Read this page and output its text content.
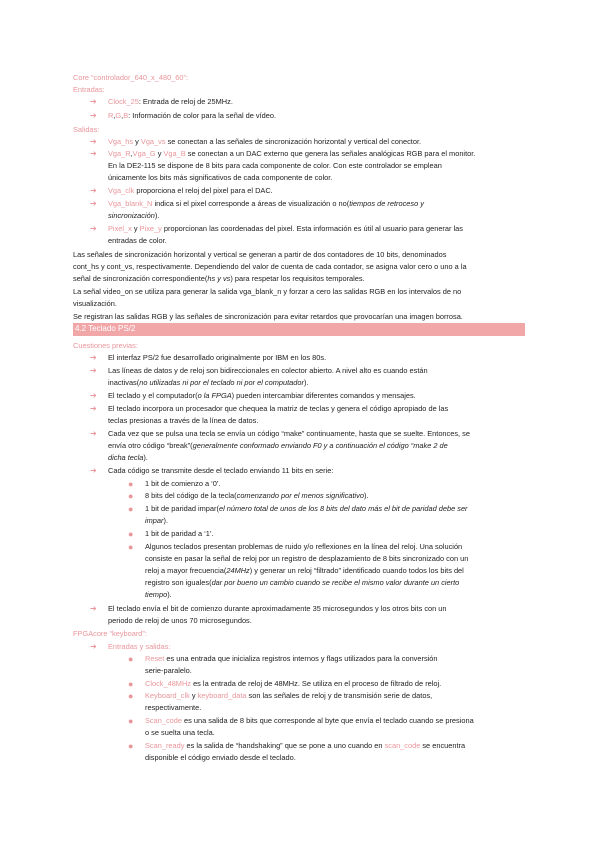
Core “controlador_640_x_480_60”:
Entradas:
➔ Clock_25: Entrada de reloj de 25MHz.
➔ R,G,B: Información de color para la señal de vídeo.
Salidas:
➔ Vga_hs y Vga_vs se conectan a las señales de sincronización horizontal y vertical del conector.
➔ Vga_R,Vga_G y Vga_B se conectan a un DAC externo que genera las señales analógicas RGB para el monitor.
En la DE2-115 se dispone de 8 bits para cada componente de color. Con este controlador se emplean
únicamente los bits más significativos de cada componente de color.
➔ Vga_clk proporciona el reloj del pixel para el DAC.
➔ Vga_blank_N indica si el pixel corresponde a áreas de visualización o no(tiempos de retroceso y
sincronización).
➔ Pixel_x y Pixe_y proporcionan las coordenadas del pixel. Esta información es útil al usuario para generar las
entradas de color.
Las señales de sincronización horizontal y vertical se generan a partir de dos contadores de 10 bits, denominados
cont_hs y cont_vs, respectivamente. Dependiendo del valor de cuenta de cada contador, se asigna valor cero o uno a la
señal de sincronización correspondiente(hs y vs) para respetar los requisitos temporales.
La señal video_on se utiliza para generar la salida vga_blank_n y forzar a cero las salidas RGB en los intervalos de no
visualización.
Se registran las salidas RGB y las señales de sincronización para evitar retardos que provocarían una imagen borrosa.
4.2 Teclado PS/2
Cuestiones previas:
➔ El interfaz PS/2 fue desarrollado originalmente por IBM en los 80s.
➔ Las líneas de datos y de reloj son bidireccionales en colector abierto. A nivel alto es cuando están
inactivas(no utilizadas ni por el teclado ni por el computador).
➔ El teclado y el computador(o la FPGA) pueden intercambiar diferentes comandos y mensajes.
➔ El teclado incorpora un procesador que chequea la matriz de teclas y genera el código apropiado de las
teclas presionas a través de la línea de datos.
➔ Cada vez que se pulsa una tecla se envía un código “make” continuamente, hasta que se suelte. Entonces, se
envía otro código “break”(generalmente conformado enviando F0 y a continuación el código “make 2 de
dicha tecla).
➔ Cada código se transmite desde el teclado enviando 11 bits en serie:
● 1 bit de comienzo a ‘0’.
● 8 bits del código de la tecla(comenzando por el menos significativo).
● 1 bit de paridad impar(el número total de unos de los 8 bits del dato más el bit de paridad debe ser
impar).
● 1 bit de paridad a ‘1’.
● Algunos teclados presentan problemas de ruido y/o reflexiones en la línea del reloj. Una solución
consiste en pasar la señal de reloj por un registro de desplazamiento de 8 bits sincronizado con un
reloj a mayor frecuencia(24MHz) y generar un reloj “filtrado” identificado cuando todos los bits del
registro son iguales(dar por bueno un cambio cuando se recibe el mismo valor durante un cierto
tiempo).
➔ El teclado envía el bit de comienzo durante aproximadamente 35 microsegundos y los otros bits con un
periodo de reloj de unos 70 microsegundos.
FPGAcore “keyboard”:
➔ Entradas y salidas:
● Reset es una entrada que inicializa registros internos y flags utilizados para la conversión
serie-paralelo.
● Clock_48MHz es la entrada de reloj de 48MHz. Se utiliza en el proceso de filtrado de reloj.
● Keyboard_clk y keyboard_data son las señales de reloj y de transmisión serie de datos,
respectivamente.
● Scan_code es una salida de 8 bits que corresponde al byte que envía el teclado cuando se presiona
o se suelta una tecla.
● Scan_ready es la salida de “handshaking” que se pone a uno cuando en scan_code se encuentra
disponible el código enviado desde el teclado.
